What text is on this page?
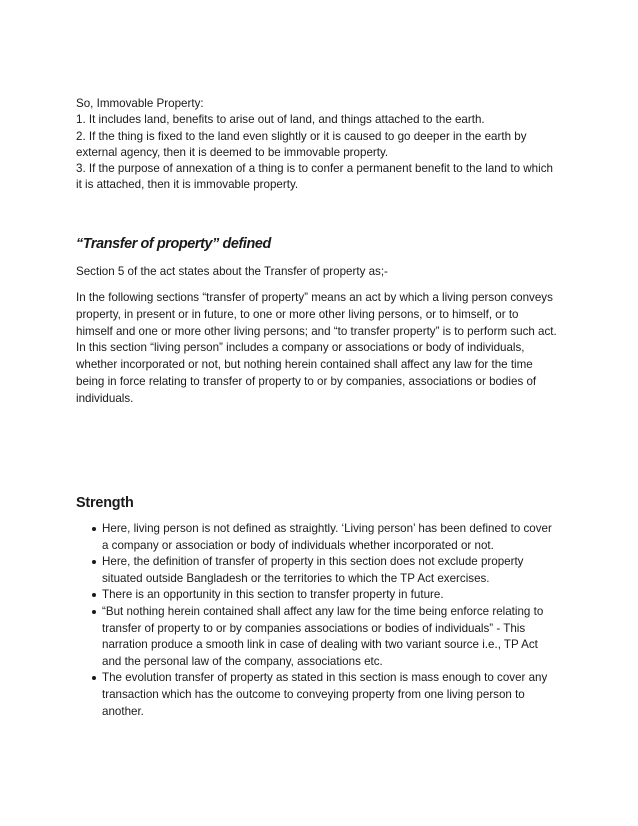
So, Immovable Property:
1. It includes land, benefits to arise out of land, and things attached to the earth.
2. If the thing is fixed to the land even slightly or it is caused to go deeper in the earth by
external agency, then it is deemed to be immovable property.
3. If the purpose of annexation of a thing is to confer a permanent benefit to the land to which
it is attached, then it is immovable property.

“Transfer of property” defined

Section 5 of the act states about the Transfer of property as;-

In the following sections “transfer of property” means an act by which a living person conveys
property, in present or in future, to one or more other living persons, or to himself, or to
himself and one or more other living persons; and “to transfer property” is to perform such act.
In this section “living person” includes a company or associations or body of individuals,
whether incorporated or not, but nothing herein contained shall affect any law for the time
being in force relating to transfer of property to or by companies, associations or bodies of
individuals.

Strength
Here, living person is not defined as straightly. ‘Living person’ has been defined to cover
a company or association or body of individuals whether incorporated or not.
Here, the definition of transfer of property in this section does not exclude property
situated outside Bangladesh or the territories to which the TP Act exercises.
There is an opportunity in this section to transfer property in future.
“But nothing herein contained shall affect any law for the time being enforce relating to
transfer of property to or by companies associations or bodies of individuals” - This
narration produce a smooth link in case of dealing with two variant source i.e., TP Act
and the personal law of the company, associations etc.
The evolution transfer of property as stated in this section is mass enough to cover any
transaction which has the outcome to conveying property from one living person to
another.
